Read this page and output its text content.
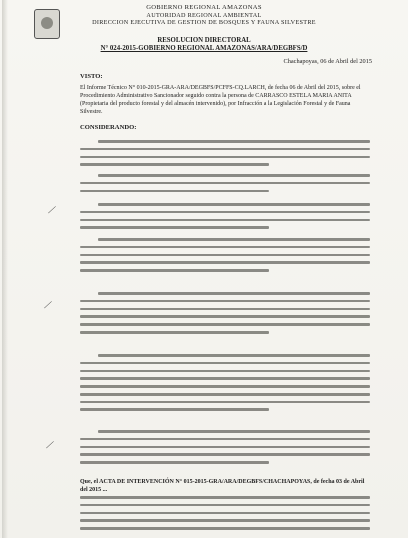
GOBIERNO REGIONAL AMAZONAS
AUTORIDAD REGIONAL AMBIENTAL
DIRECCION EJECUTIVA DE GESTION DE BOSQUES Y FAUNA SILVESTRE
RESOLUCION DIRECTORAL
N° 024-2015-GOBIERNO REGIONAL AMAZONAS/ARA/DEGBFS/D
Chachapoyas, 06 de Abril del 2015
VISTO:
El Informe Técnico N° 010-2015-GRA-ARA/DEGBFS/PCFFS-CQ.LARCH, de fecha 06 de Abril del 2015, sobre el Procedimiento Administrativo Sancionador seguido contra la persona de CARRASCO ESTELA MARIA ANITA (Propietaria del producto forestal y del almacén intervenido), por Infracción a la Legislación Forestal y de Fauna Silvestre.
CONSIDERANDO:
Que, el ACTA DE INTERVENCIÓN N° 015-2015-GRA/ARA/DEGBFS/CHACHAPOYAS, de fecha 03 de Abril del 2015 ...
⟋
⟋
⟋
